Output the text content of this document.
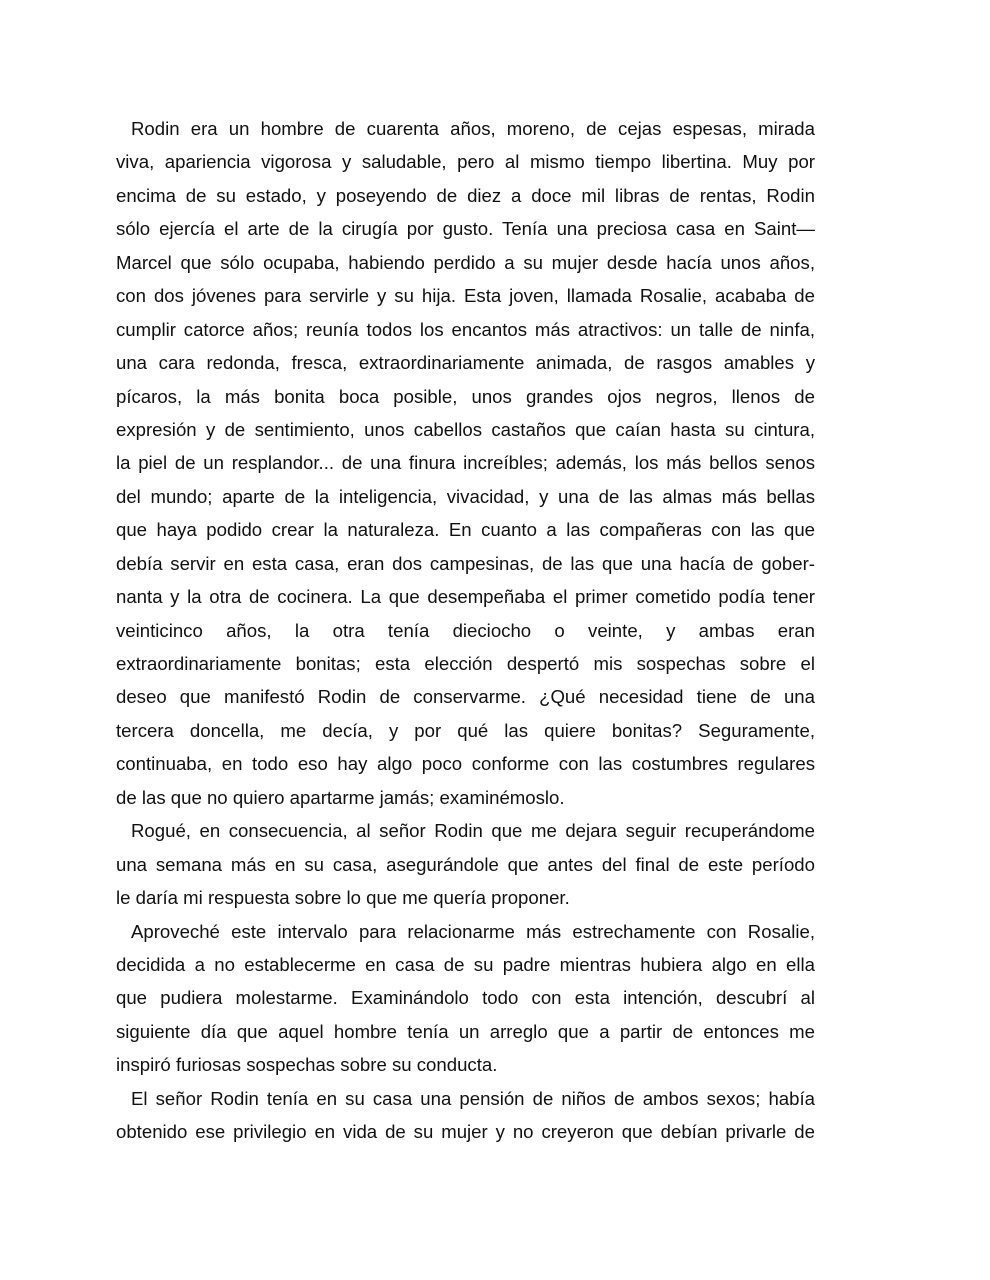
Rodin era un hombre de cuarenta años, moreno, de cejas espesas, mirada
viva, apariencia vigorosa y saludable, pero al mismo tiempo libertina. Muy por
encima de su estado, y poseyendo de diez a doce mil libras de rentas, Rodin
sólo ejercía el arte de la cirugía por gusto. Tenía una preciosa casa en Saint—
Marcel que sólo ocupaba, habiendo perdido a su mujer desde hacía unos años,
con dos jóvenes para servirle y su hija. Esta joven, llamada Rosalie, acababa de
cumplir catorce años; reunía todos los encantos más atractivos: un talle de ninfa,
una cara redonda, fresca, extraordinariamente animada, de rasgos amables y
pícaros, la más bonita boca posible, unos grandes ojos negros, llenos de
expresión y de sentimiento, unos cabellos castaños que caían hasta su cintura,
la piel de un resplandor... de una finura increíbles; además, los más bellos senos
del mundo; aparte de la inteligencia, vivacidad, y una de las almas más bellas
que haya podido crear la naturaleza. En cuanto a las compañeras con las que
debía servir en esta casa, eran dos campesinas, de las que una hacía de gober-
nanta y la otra de cocinera. La que desempeñaba el primer cometido podía tener
veinticinco años, la otra tenía dieciocho o veinte, y ambas eran
extraordinariamente bonitas; esta elección despertó mis sospechas sobre el
deseo que manifestó Rodin de conservarme. ¿Qué necesidad tiene de una
tercera doncella, me decía, y por qué las quiere bonitas? Seguramente,
continuaba, en todo eso hay algo poco conforme con las costumbres regulares
de las que no quiero apartarme jamás; examinémoslo.
Rogué, en consecuencia, al señor Rodin que me dejara seguir recuperándome
una semana más en su casa, asegurándole que antes del final de este período
le daría mi respuesta sobre lo que me quería proponer.
Aproveché este intervalo para relacionarme más estrechamente con Rosalie,
decidida a no establecerme en casa de su padre mientras hubiera algo en ella
que pudiera molestarme. Examinándolo todo con esta intención, descubrí al
siguiente día que aquel hombre tenía un arreglo que a partir de entonces me
inspiró furiosas sospechas sobre su conducta.
El señor Rodin tenía en su casa una pensión de niños de ambos sexos; había
obtenido ese privilegio en vida de su mujer y no creyeron que debían privarle de
